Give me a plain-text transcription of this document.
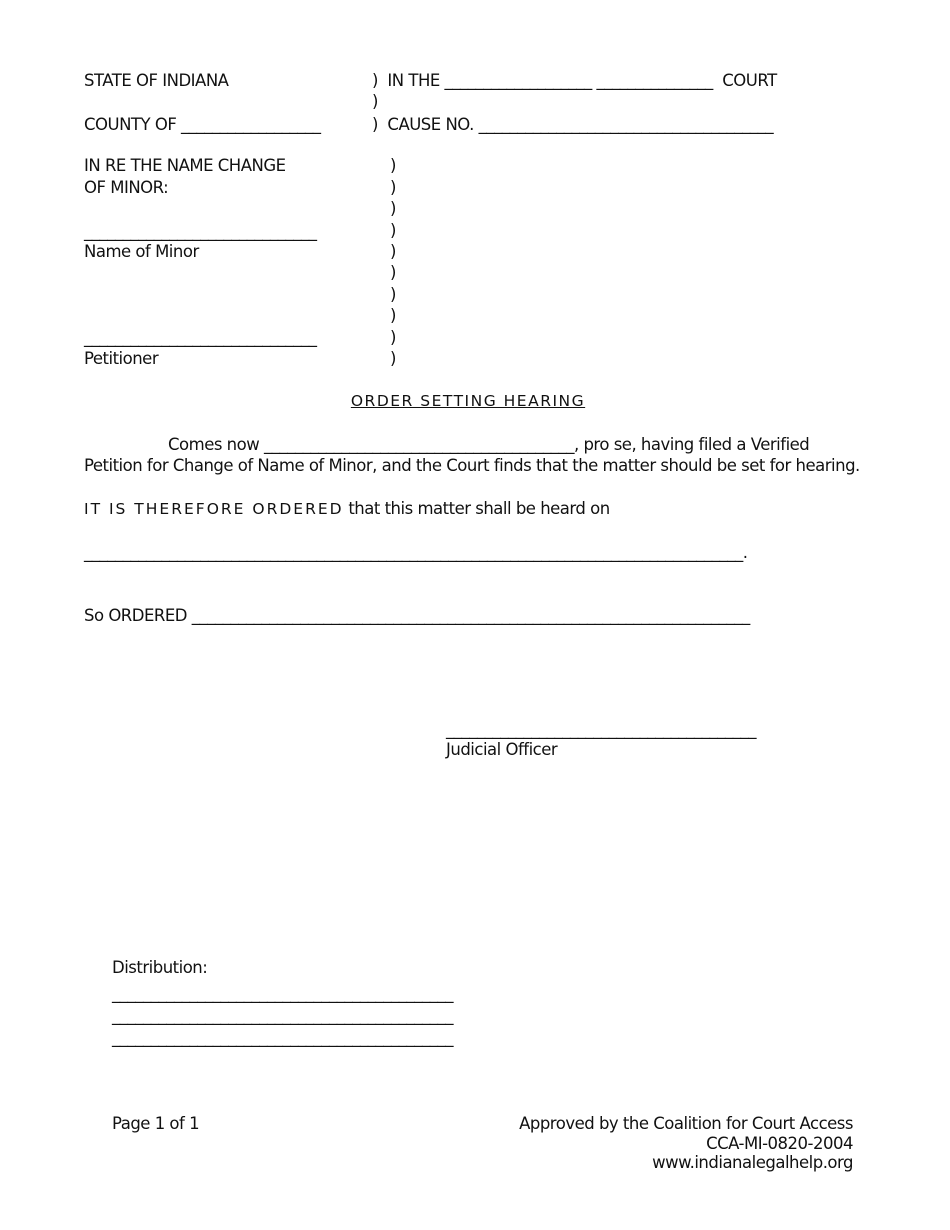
STATE OF INDIANA	)  IN THE ___________________ _______________  COURT
)
COUNTY OF __________________	)  CAUSE NO. ______________________________________
IN RE THE NAME CHANGE
OF MINOR:
______________________________
Name of Minor
______________________________
Petitioner
)
)
)
)
)
)
)
)
)
)
ORDER SETTING HEARING
Comes now ________________________________________, pro se, having filed a Verified
Petition for Change of Name of Minor, and the Court finds that the matter should be set for hearing.
IT IS THEREFORE ORDERED that this matter shall be heard on
_____________________________________________________________________________________.
So ORDERED ________________________________________________________________________
________________________________________
Judicial Officer
Distribution:
____________________________________________
____________________________________________
____________________________________________
Page 1 of 1	Approved by the Coalition for Court Access
CCA-MI-0820-2004
www.indianalegalhelp.org
